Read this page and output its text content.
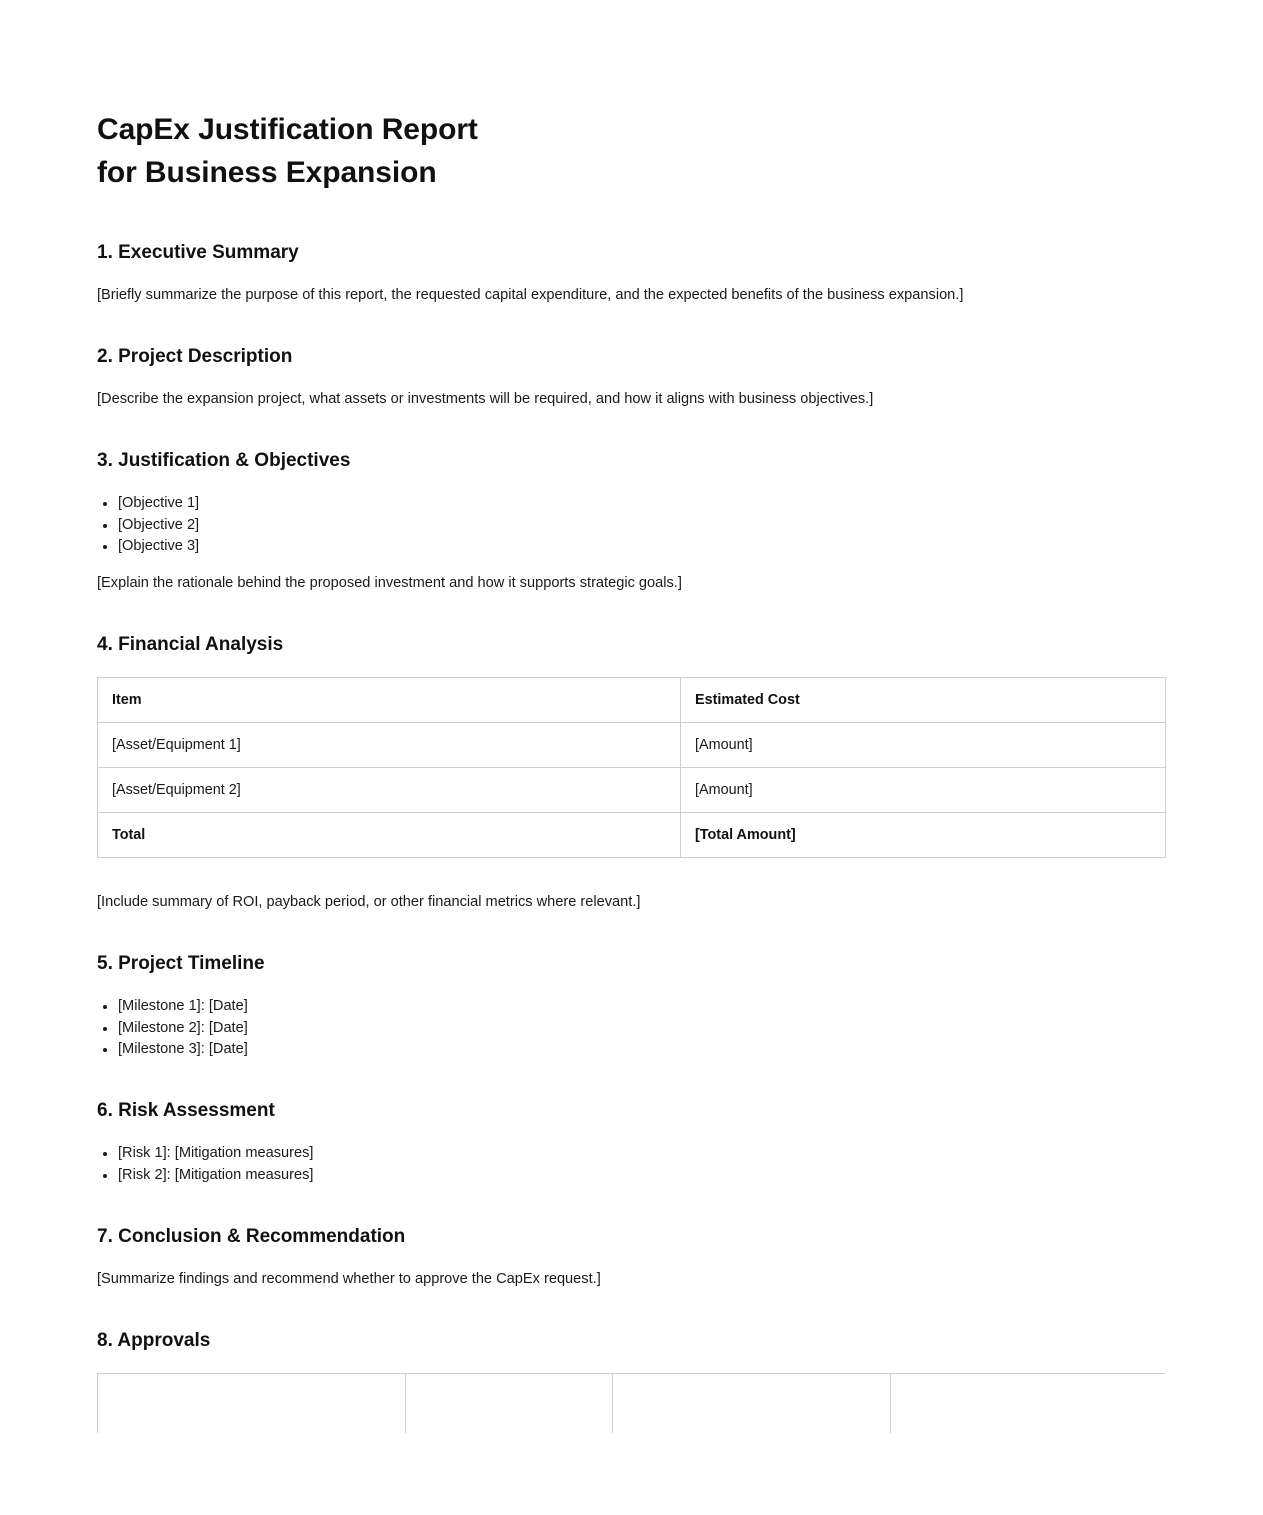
CapEx Justification Report
for Business Expansion
1. Executive Summary

[Briefly summarize the purpose of this report, the requested capital expenditure, and the expected benefits of the business expansion.]

2. Project Description

[Describe the expansion project, what assets or investments will be required, and how it aligns with business objectives.]

3. Justification & Objectives
[Objective 1]
[Objective 2]
[Objective 3]

[Explain the rationale behind the proposed investment and how it supports strategic goals.]

4. Financial Analysis
Item	Estimated Cost
[Asset/Equipment 1]	[Amount]
[Asset/Equipment 2]	[Amount]
Total	[Total Amount]

[Include summary of ROI, payback period, or other financial metrics where relevant.]

5. Project Timeline
[Milestone 1]: [Date]
[Milestone 2]: [Date]
[Milestone 3]: [Date]
6. Risk Assessment
[Risk 1]: [Mitigation measures]
[Risk 2]: [Mitigation measures]
7. Conclusion & Recommendation

[Summarize findings and recommend whether to approve the CapEx request.]

8. Approvals
